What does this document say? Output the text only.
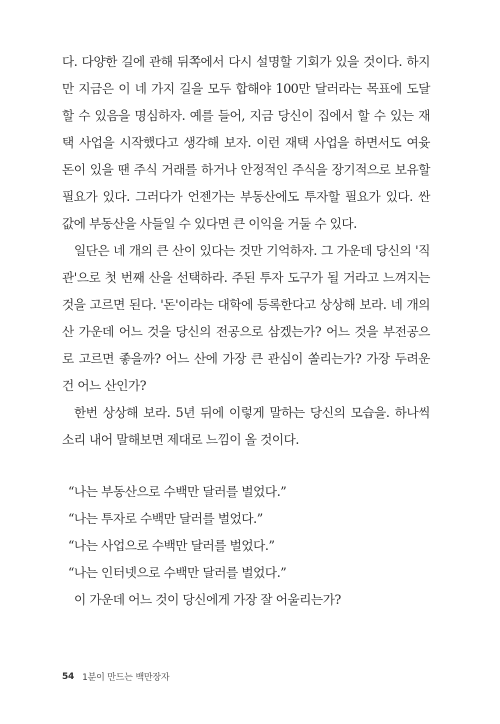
다. 다양한 길에 관해 뒤쪽에서 다시 설명할 기회가 있을 것이다. 하지
만 지금은 이 네 가지 길을 모두 합해야 100만 달러라는 목표에 도달
할 수 있음을 명심하자. 예를 들어, 지금 당신이 집에서 할 수 있는 재
택 사업을 시작했다고 생각해 보자. 이런 재택 사업을 하면서도 여윳
돈이 있을 땐 주식 거래를 하거나 안정적인 주식을 장기적으로 보유할
필요가 있다. 그러다가 언젠가는 부동산에도 투자할 필요가 있다. 싼
값에 부동산을 사들일 수 있다면 큰 이익을 거둘 수 있다.
일단은 네 개의 큰 산이 있다는 것만 기억하자. 그 가운데 당신의 '직
관'으로 첫 번째 산을 선택하라. 주된 투자 도구가 될 거라고 느껴지는
것을 고르면 된다. '돈'이라는 대학에 등록한다고 상상해 보라. 네 개의
산 가운데 어느 것을 당신의 전공으로 삼겠는가? 어느 것을 부전공으
로 고르면 좋을까? 어느 산에 가장 큰 관심이 쏠리는가? 가장 두려운
건 어느 산인가?
한번 상상해 보라. 5년 뒤에 이렇게 말하는 당신의 모습을. 하나씩
소리 내어 말해보면 제대로 느낌이 올 것이다.
“나는 부동산으로 수백만 달러를 벌었다.”
“나는 투자로 수백만 달러를 벌었다.”
“나는 사업으로 수백만 달러를 벌었다.”
“나는 인터넷으로 수백만 달러를 벌었다.”
이 가운데 어느 것이 당신에게 가장 잘 어울리는가?
54 1분이 만드는 백만장자
